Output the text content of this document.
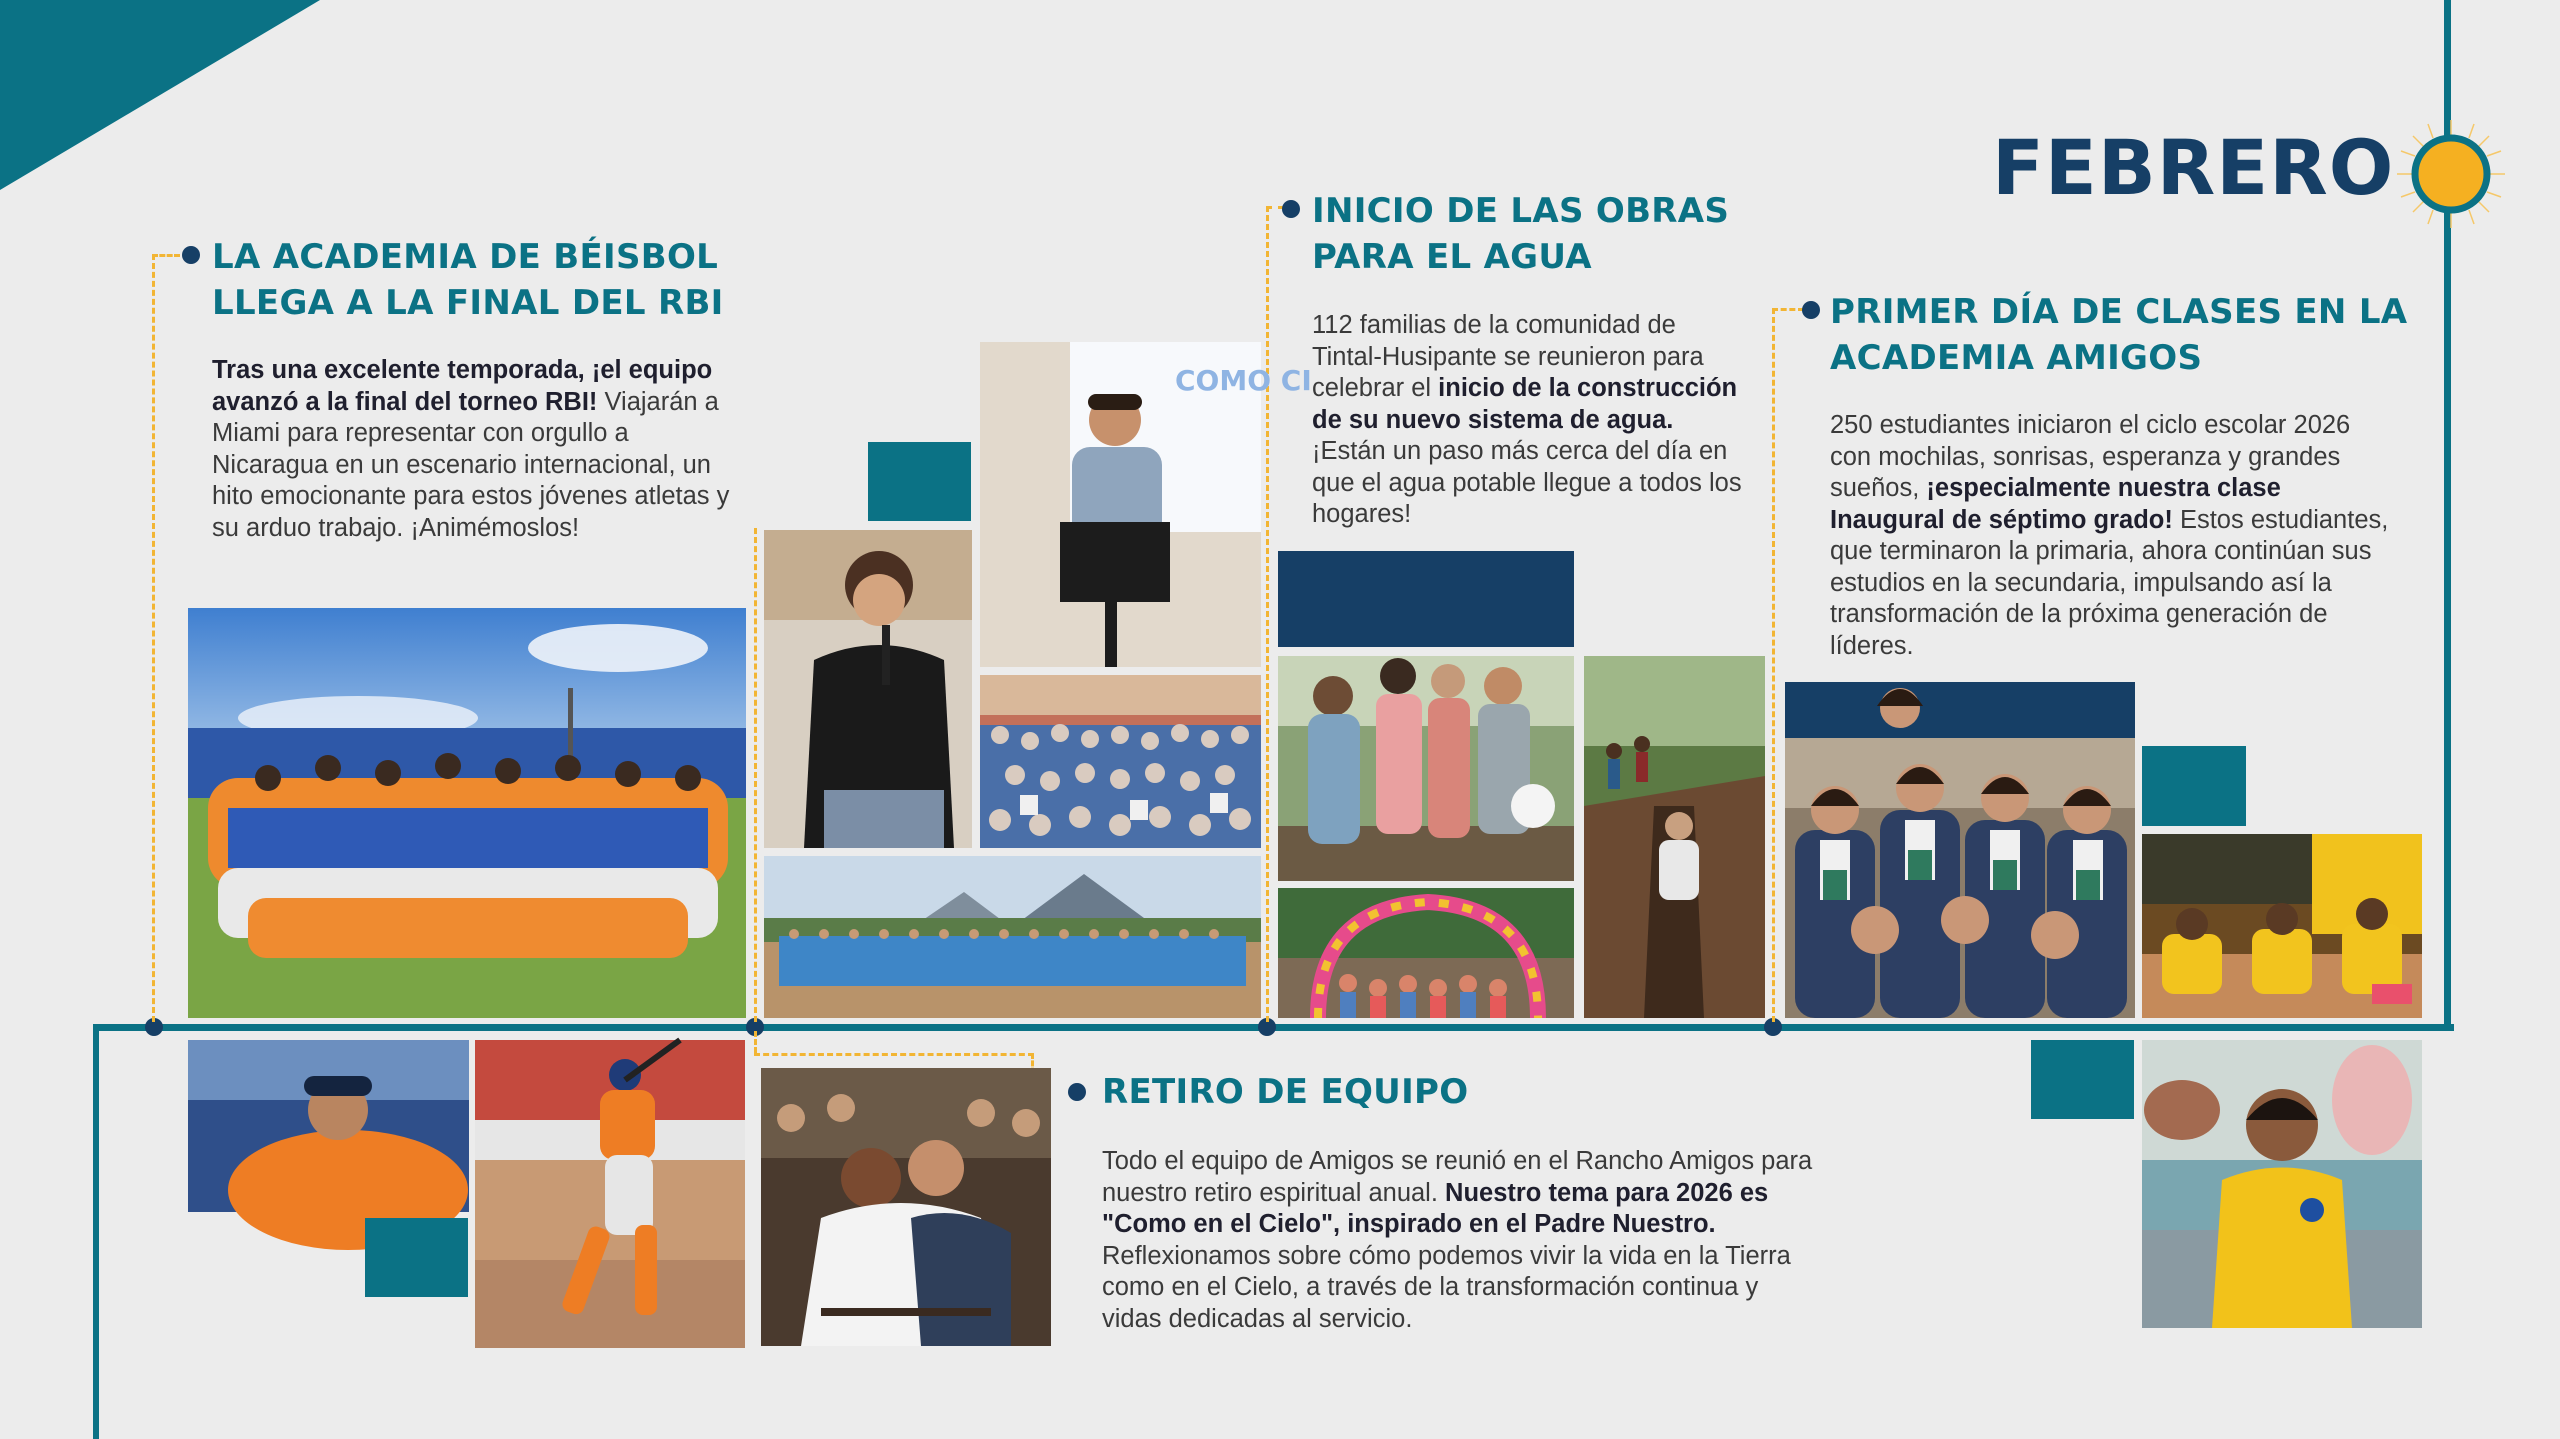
FEBRERO
LA ACADEMIA DE BÉISBOL
LLEGA A LA FINAL DEL RBI
Tras una excelente temporada, ¡el equipo avanzó a la final del torneo RBI! Viajarán a Miami para representar con orgullo a Nicaragua en un escenario internacional, un hito emocionante para estos jóvenes atletas y su arduo trabajo. ¡Animémoslos!
INICIO DE LAS OBRAS
PARA EL AGUA
112 familias de la comunidad de Tintal-Husipante se reunieron para celebrar el inicio de la construcción de su nuevo sistema de agua. ¡Están un paso más cerca del día en que el agua potable llegue a todos los hogares!
COMO CI
PRIMER DÍA DE CLASES EN LA
ACADEMIA AMIGOS
250 estudiantes iniciaron el ciclo escolar 2026 con mochilas, sonrisas, esperanza y grandes sueños, ¡especialmente nuestra clase Inaugural de séptimo grado! Estos estudiantes, que terminaron la primaria, ahora continúan sus estudios en la secundaria, impulsando así la transformación de la próxima generación de líderes.
RETIRO DE EQUIPO
Todo el equipo de Amigos se reunió en el Rancho Amigos para nuestro retiro espiritual anual. Nuestro tema para 2026 es "Como en el Cielo", inspirado en el Padre Nuestro. Reflexionamos sobre cómo podemos vivir la vida en la Tierra como en el Cielo, a través de la transformación continua y vidas dedicadas al servicio.
